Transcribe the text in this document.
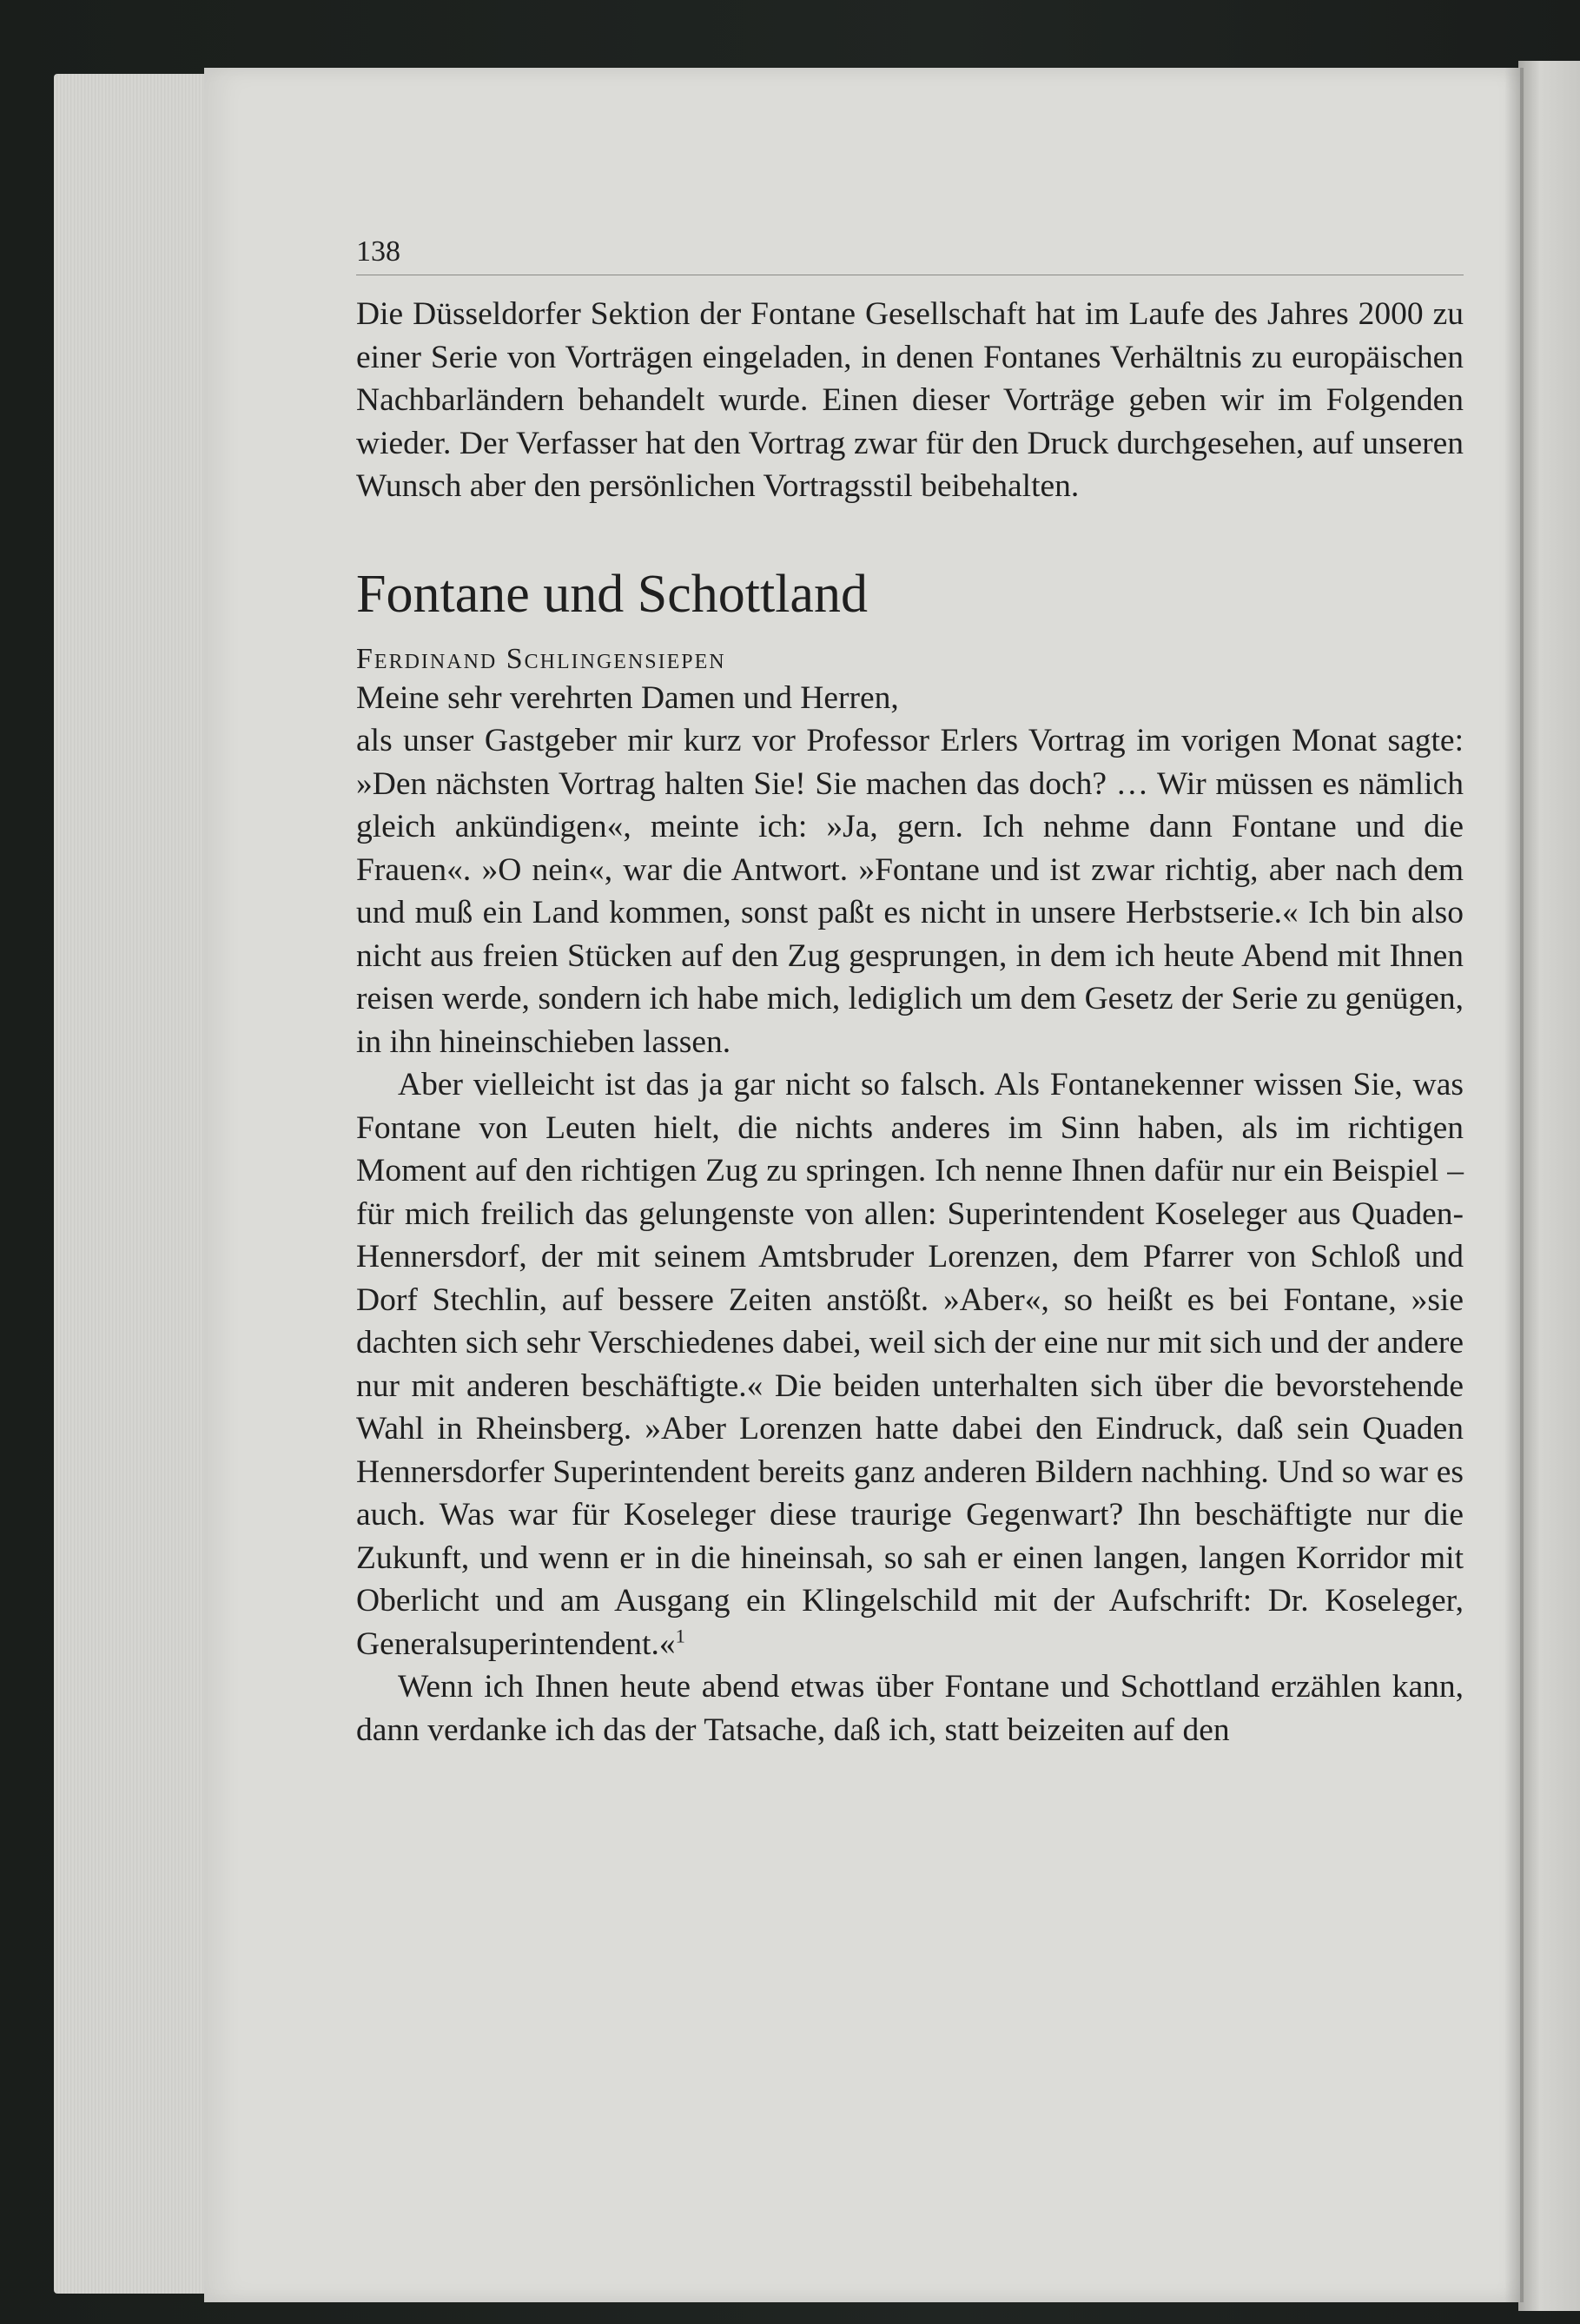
138

Die Düsseldorfer Sektion der Fontane Gesellschaft hat im Laufe des Jahres 2000 zu einer Serie von Vorträgen eingeladen, in denen Fontanes Verhältnis zu europäischen Nachbarländern behandelt wurde. Einen dieser Vorträge geben wir im Folgenden wieder. Der Verfasser hat den Vortrag zwar für den Druck durchgesehen, auf unseren Wunsch aber den persönlichen Vortragsstil beibehalten.

Fontane und Schottland
Ferdinand Schlingensiepen

Meine sehr verehrten Damen und Herren,

als unser Gastgeber mir kurz vor Professor Erlers Vortrag im vorigen Monat sagte: »Den nächsten Vortrag halten Sie! Sie machen das doch? … Wir müssen es nämlich gleich ankündigen«, meinte ich: »Ja, gern. Ich nehme dann Fontane und die Frauen«. »O nein«, war die Antwort. »Fontane und ist zwar richtig, aber nach dem und muß ein Land kommen, sonst paßt es nicht in unsere Herbstserie.« Ich bin also nicht aus freien Stücken auf den Zug gesprungen, in dem ich heute Abend mit Ihnen reisen werde, sondern ich habe mich, lediglich um dem Gesetz der Serie zu genügen, in ihn hineinschieben lassen.

Aber vielleicht ist das ja gar nicht so falsch. Als Fontanekenner wissen Sie, was Fontane von Leuten hielt, die nichts anderes im Sinn haben, als im richtigen Moment auf den richtigen Zug zu springen. Ich nenne Ihnen dafür nur ein Beispiel – für mich freilich das gelungenste von allen: Superintendent Koseleger aus Quaden-Hennersdorf, der mit seinem Amtsbruder Lorenzen, dem Pfarrer von Schloß und Dorf Stechlin, auf bessere Zeiten anstößt. »Aber«, so heißt es bei Fontane, »sie dachten sich sehr Verschiedenes dabei, weil sich der eine nur mit sich und der andere nur mit anderen beschäftigte.« Die beiden unterhalten sich über die bevorstehende Wahl in Rheinsberg. »Aber Lorenzen hatte dabei den Eindruck, daß sein Quaden Hennersdorfer Superintendent bereits ganz anderen Bildern nachhing. Und so war es auch. Was war für Koseleger diese traurige Gegenwart? Ihn beschäftigte nur die Zukunft, und wenn er in die hineinsah, so sah er einen langen, langen Korridor mit Oberlicht und am Ausgang ein Klingelschild mit der Aufschrift: Dr. Koseleger, Generalsuperintendent.«$^1$

Wenn ich Ihnen heute abend etwas über Fontane und Schottland erzählen kann, dann verdanke ich das der Tatsache, daß ich, statt beizeiten auf den
